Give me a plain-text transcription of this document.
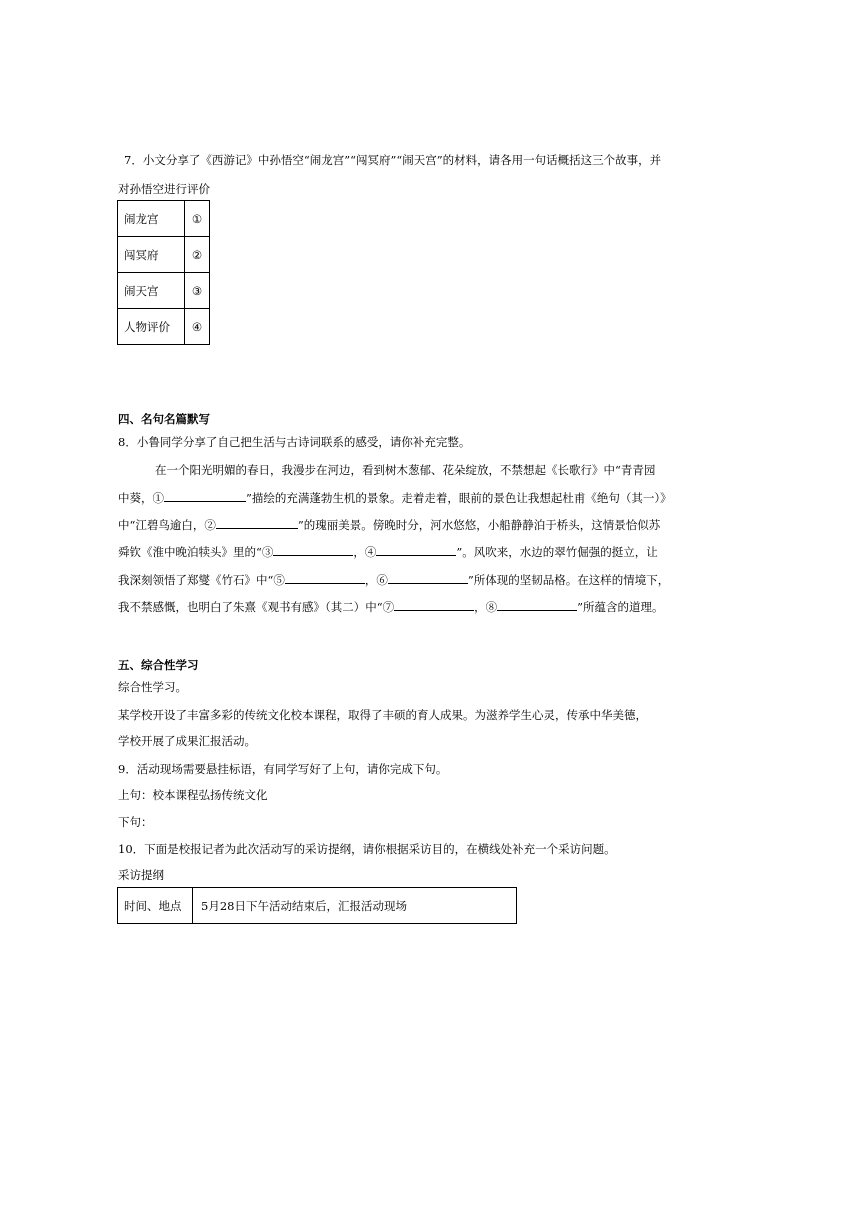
7．小文分享了《西游记》中孙悟空“闹龙宫”“闯冥府”“闹天宫”的材料，请各用一句话概括这三个故事，并
对孙悟空进行评价
闹龙宫	①
闯冥府	②
闹天宫	③
人物评价	④
四、名句名篇默写
8．小鲁同学分享了自己把生活与古诗词联系的感受，请你补充完整。
在一个阳光明媚的春日，我漫步在河边，看到树木葱郁、花朵绽放，不禁想起《长歌行》中“青青园
中葵，①	”描绘的充满蓬勃生机的景象。走着走着，眼前的景色让我想起杜甫《绝句（其一）》
中“江碧鸟逾白，②	”的瑰丽美景。傍晚时分，河水悠悠，小船静静泊于桥头，这情景恰似苏
舜钦《淮中晚泊犊头》里的“③	，④	”。风吹来，水边的翠竹倔强的挺立，让
我深刻领悟了郑燮《竹石》中“⑤	，⑥	”所体现的坚韧品格。在这样的情境下，
我不禁感慨，也明白了朱熹《观书有感》（其二）中“⑦	，⑧	”所蕴含的道理。
五、综合性学习
综合性学习。
某学校开设了丰富多彩的传统文化校本课程，取得了丰硕的育人成果。为滋养学生心灵，传承中华美德，
学校开展了成果汇报活动。
9．活动现场需要悬挂标语，有同学写好了上句，请你完成下句。
上句：校本课程弘扬传统文化
下句：
10．下面是校报记者为此次活动写的采访提纲，请你根据采访目的，在横线处补充一个采访问题。
采访提纲
时间、地点	5月28日下午活动结束后，汇报活动现场
